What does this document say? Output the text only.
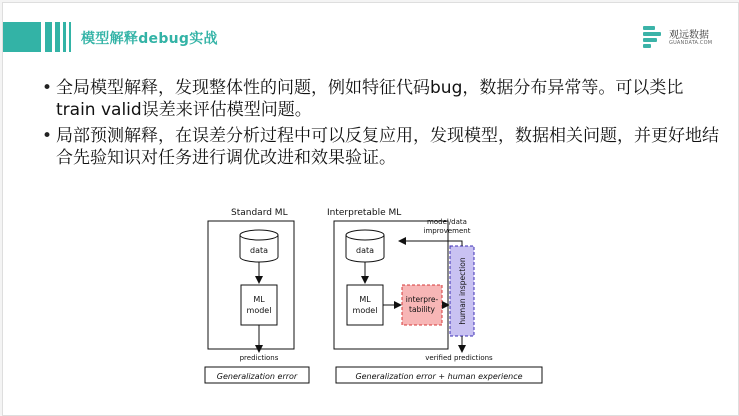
模型解释debug实战	观远数据
GUANDATA.COM
• 全局模型解释，发现整体性的问题，例如特征代码bug，数据分布异常等。可以类比train valid误差来评估模型问题。
• 局部预测解释，在误差分析过程中可以反复应用，发现模型，数据相关问题，并更好地结合先验知识对任务进行调优改进和效果验证。
Standard ML
data
ML
model
predictions
Generalization error
Interpretable ML
model/data
improvement
data
ML
model
interpre-
tability	human inspection
verified predictions
Generalization error + human experience
